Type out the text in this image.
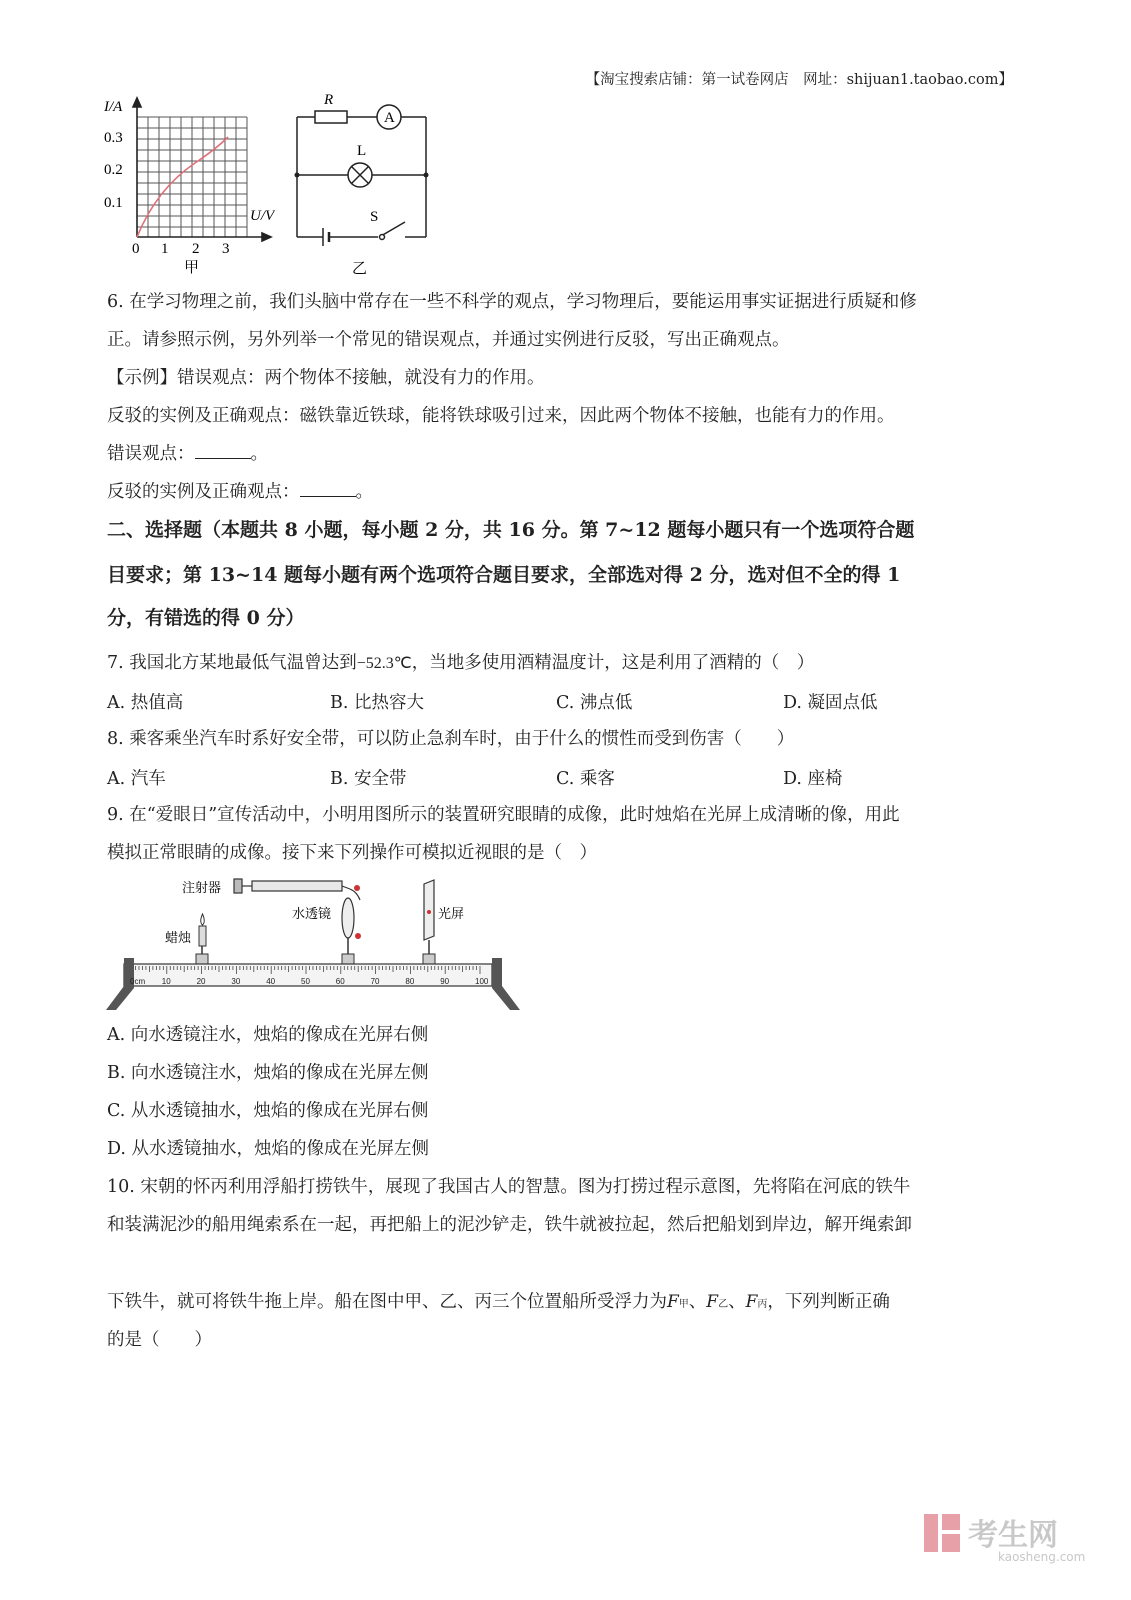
【淘宝搜索店铺：第一试卷网店　网址：shijuan1.taobao.com】
I/A
0.3
0.2
0.1
0 1 2 3
U/V
甲
R
A
L
S
乙
6. 在学习物理之前，我们头脑中常存在一些不科学的观点，学习物理后，要能运用事实证据进行质疑和修
正。请参照示例，另外列举一个常见的错误观点，并通过实例进行反驳，写出正确观点。
【示例】错误观点：两个物体不接触，就没有力的作用。
反驳的实例及正确观点：磁铁靠近铁球，能将铁球吸引过来，因此两个物体不接触，也能有力的作用。
错误观点：	。
反驳的实例及正确观点：	。
二、选择题（本题共 8 小题，每小题 2 分，共 16 分。第 7~12 题每小题只有一个选项符合题
目要求；第 13~14 题每小题有两个选项符合题目要求，全部选对得 2 分，选对但不全的得 1
分，有错选的得 0 分）
7. 我国北方某地最低气温曾达到−52.3℃，当地多使用酒精温度计，这是利用了酒精的（　）
A. 热值高	B. 比热容大	C. 沸点低	D. 凝固点低
8. 乘客乘坐汽车时系好安全带，可以防止急刹车时，由于什么的惯性而受到伤害（　　）
A. 汽车	B. 安全带	C. 乘客	D. 座椅
9. 在“爱眼日”宣传活动中，小明用图所示的装置研究眼睛的成像，此时烛焰在光屏上成清晰的像，用此
模拟正常眼睛的成像。接下来下列操作可模拟近视眼的是（　）
0cm 10	20	30	40	50	60	70	80	90	100
注射器
水透镜
蜡烛
光屏
A. 向水透镜注水，烛焰的像成在光屏右侧
B. 向水透镜注水，烛焰的像成在光屏左侧
C. 从水透镜抽水，烛焰的像成在光屏右侧
D. 从水透镜抽水，烛焰的像成在光屏左侧
10. 宋朝的怀丙利用浮船打捞铁牛，展现了我国古人的智慧。图为打捞过程示意图，先将陷在河底的铁牛
和装满泥沙的船用绳索系在一起，再把船上的泥沙铲走，铁牛就被拉起，然后把船划到岸边，解开绳索卸
下铁牛，就可将铁牛拖上岸。船在图中甲、乙、丙三个位置船所受浮力为F甲、F乙、F丙，下列判断正确
的是（　　）
考生网
kaosheng.com
